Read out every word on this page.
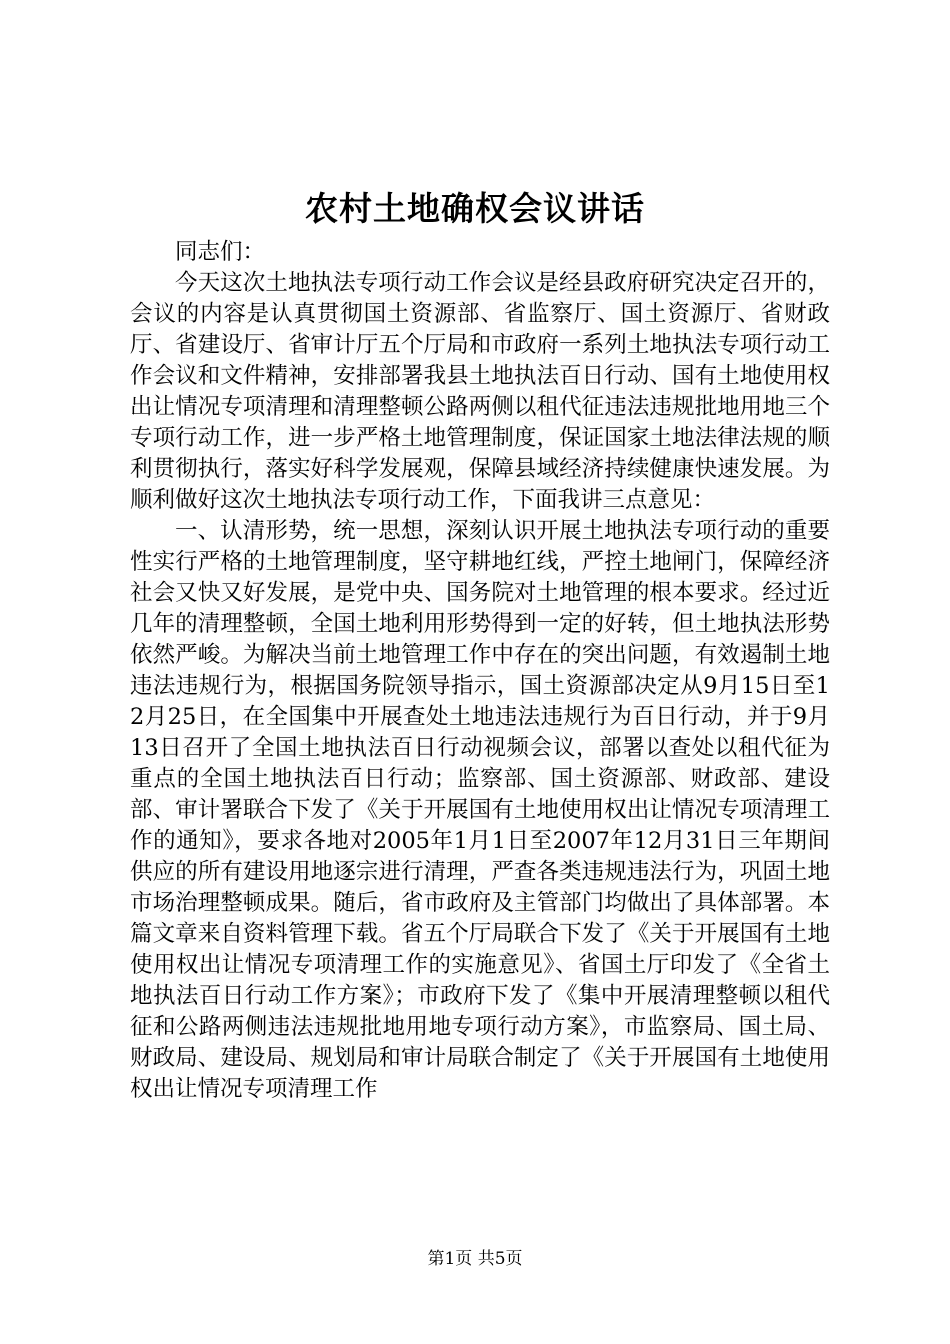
农村土地确权会议讲话

同志们：

今天这次土地执法专项行动工作会议是经县政府研究决定召开的，会议的内容是认真贯彻国土资源部、省监察厅、国土资源厅、省财政厅、省建设厅、省审计厅五个厅局和市政府一系列土地执法专项行动工作会议和文件精神，安排部署我县土地执法百日行动、国有土地使用权出让情况专项清理和清理整顿公路两侧以租代征违法违规批地用地三个专项行动工作，进一步严格土地管理制度，保证国家土地法律法规的顺利贯彻执行，落实好科学发展观，保障县域经济持续健康快速发展。为顺利做好这次土地执法专项行动工作，下面我讲三点意见：

一、认清形势，统一思想，深刻认识开展土地执法专项行动的重要性实行严格的土地管理制度，坚守耕地红线，严控土地闸门，保障经济社会又快又好发展，是党中央、国务院对土地管理的根本要求。经过近几年的清理整顿，全国土地利用形势得到一定的好转，但土地执法形势依然严峻。为解决当前土地管理工作中存在的突出问题，有效遏制土地违法违规行为，根据国务院领导指示，国土资源部决定从9月15日至12月25日，在全国集中开展查处土地违法违规行为百日行动，并于9月13日召开了全国土地执法百日行动视频会议，部署以查处以租代征为重点的全国土地执法百日行动；监察部、国土资源部、财政部、建设部、审计署联合下发了《关于开展国有土地使用权出让情况专项清理工作的通知》，要求各地对2005年1月1日至2007年12月31日三年期间供应的所有建设用地逐宗进行清理，严查各类违规违法行为，巩固土地市场治理整顿成果。随后，省市政府及主管部门均做出了具体部署。本篇文章来自资料管理下载。省五个厅局联合下发了《关于开展国有土地使用权出让情况专项清理工作的实施意见》、省国土厅印发了《全省土地执法百日行动工作方案》；市政府下发了《集中开展清理整顿以租代征和公路两侧违法违规批地用地专项行动方案》，市监察局、国土局、财政局、建设局、规划局和审计局联合制定了《关于开展国有土地使用权出让情况专项清理工作

第1页 共5页
